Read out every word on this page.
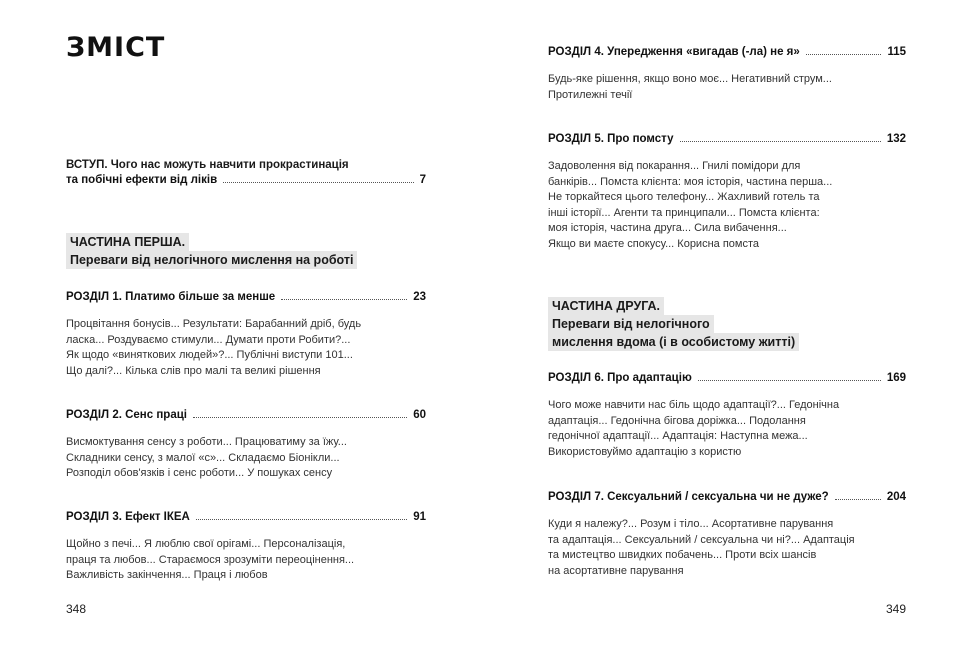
ЗМІСТ
ВСТУП. Чого нас можуть навчити прокрастинація
та побічні ефекти від ліків	7
ЧАСТИНА ПЕРША.
Переваги від нелогічного мислення на роботі
РОЗДІЛ 1. Платимо більше за менше	23
Процвітання бонусів... Результати: Барабанний дріб, будь
ласка... Роздуваємо стимули... Думати проти Робити?...
Як щодо «виняткових людей»?... Публічні виступи 101...
Що далі?... Кілька слів про малі та великі рішення
РОЗДІЛ 2. Сенс праці	60
Висмоктування сенсу з роботи... Працюватиму за їжу...
Складники сенсу, з малої «с»... Складаємо Біонікли...
Розподіл обов'язків і сенс роботи... У пошуках сенсу
РОЗДІЛ 3. Ефект ІКЕА	91
Щойно з печі... Я люблю свої орігамі... Персоналізація,
праця та любов... Стараємося зрозуміти переоцінення...
Важливість закінчення... Праця і любов
348
РОЗДІЛ 4. Упередження «вигадав (-ла) не я»	115
Будь-яке рішення, якщо воно моє... Негативний струм...
Протилежні течії
РОЗДІЛ 5. Про помсту	132
Задоволення від покарання... Гнилі помідори для
банкірів... Помста клієнта: моя історія, частина перша...
Не торкайтеся цього телефону... Жахливий готель та
інші історії... Агенти та принципали... Помста клієнта:
моя історія, частина друга... Сила вибачення...
Якщо ви маєте спокусу... Корисна помста
ЧАСТИНА ДРУГА.
Переваги від нелогічного
мислення вдома (і в особистому житті)
РОЗДІЛ 6. Про адаптацію	169
Чого може навчити нас біль щодо адаптації?... Гедонічна
адаптація... Гедонічна бігова доріжка... Подолання
гедонічної адаптації... Адаптація: Наступна межа...
Використовуймо адаптацію з користю
РОЗДІЛ 7. Сексуальний / сексуальна чи не дуже?	204
Куди я належу?... Розум і тіло... Асортативне парування
та адаптація... Сексуальний / сексуальна чи ні?... Адаптація
та мистецтво швидких побачень... Проти всіх шансів
на асортативне парування
349
